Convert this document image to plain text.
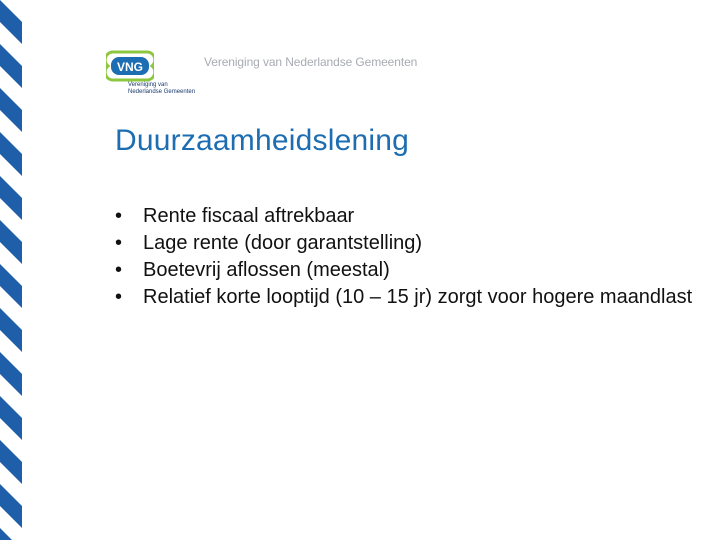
VNG
Vereniging van
Nederlandse Gemeenten
Vereniging van Nederlandse Gemeenten
Duurzaamheidslening
• Rente fiscaal aftrekbaar
• Lage rente (door garantstelling)
• Boetevrij aflossen (meestal)
• Relatief korte looptijd (10 – 15 jr) zorgt voor hogere maandlast
